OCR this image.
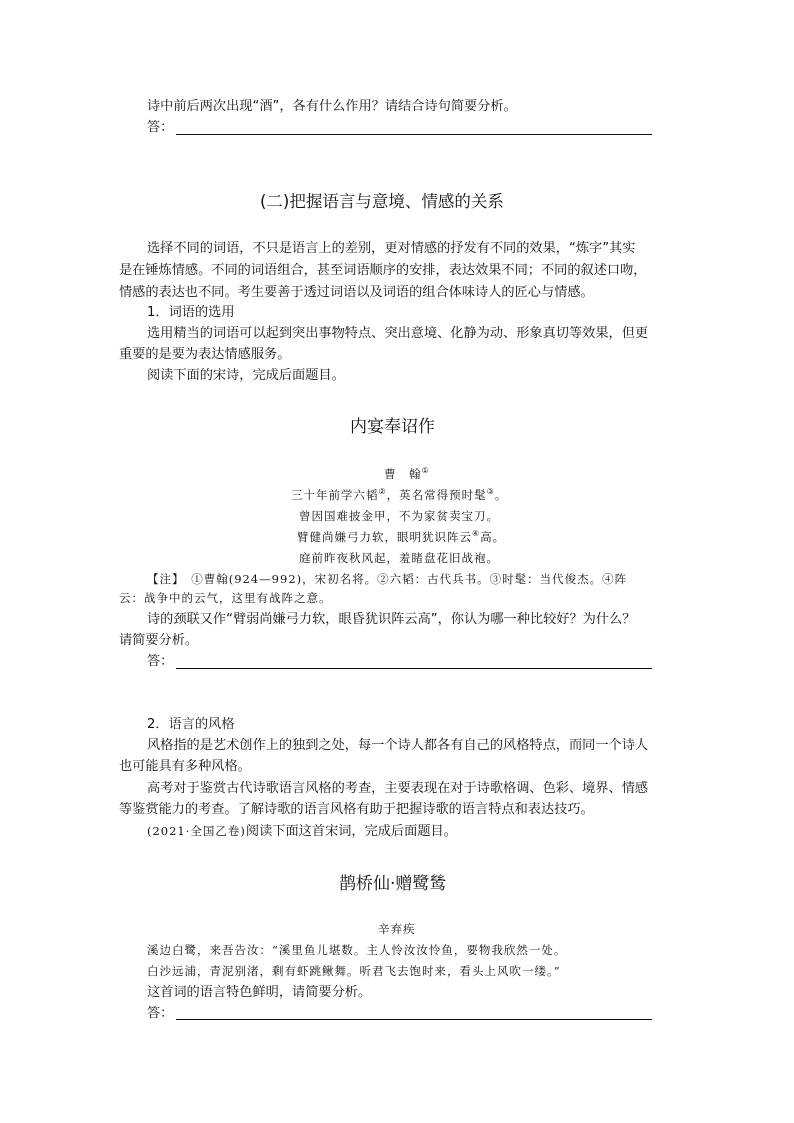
诗中前后两次出现“酒”，各有什么作用？请结合诗句简要分析。
答：
(二)把握语言与意境、情感的关系
选择不同的词语，不只是语言上的差别，更对情感的抒发有不同的效果，“炼字”其实
是在锤炼情感。不同的词语组合，甚至词语顺序的安排，表达效果不同；不同的叙述口吻，
情感的表达也不同。考生要善于透过词语以及词语的组合体味诗人的匠心与情感。
1．词语的选用
选用精当的词语可以起到突出事物特点、突出意境、化静为动、形象真切等效果，但更
重要的是要为表达情感服务。
阅读下面的宋诗，完成后面题目。
内宴奉诏作
曹　翰①
三十年前学六韬②，英名常得预时髦③。
曾因国难披金甲，不为家贫卖宝刀。
臂健尚嫌弓力软，眼明犹识阵云④高。
庭前昨夜秋风起，羞睹盘花旧战袍。
【注】　①曹翰(924—992)，宋初名将。②六韬：古代兵书。③时髦：当代俊杰。④阵
云：战争中的云气，这里有战阵之意。
诗的颈联又作“臂弱尚嫌弓力软，眼昏犹识阵云高”，你认为哪一种比较好？为什么？
请简要分析。
答：
2．语言的风格
风格指的是艺术创作上的独到之处，每一个诗人都各有自己的风格特点，而同一个诗人
也可能具有多种风格。
高考对于鉴赏古代诗歌语言风格的考查，主要表现在对于诗歌格调、色彩、境界、情感
等鉴赏能力的考查。了解诗歌的语言风格有助于把握诗歌的语言特点和表达技巧。
(2021·全国乙卷)阅读下面这首宋词，完成后面题目。
鹊桥仙·赠鹭鸶
辛弃疾
溪边白鹭，来吾告汝：“溪里鱼儿堪数。主人怜汝汝怜鱼，要物我欣然一处。
白沙远浦，青泥别渚，剩有虾跳鳅舞。听君飞去饱时来，看头上风吹一缕。”
这首词的语言特色鲜明，请简要分析。
答：
